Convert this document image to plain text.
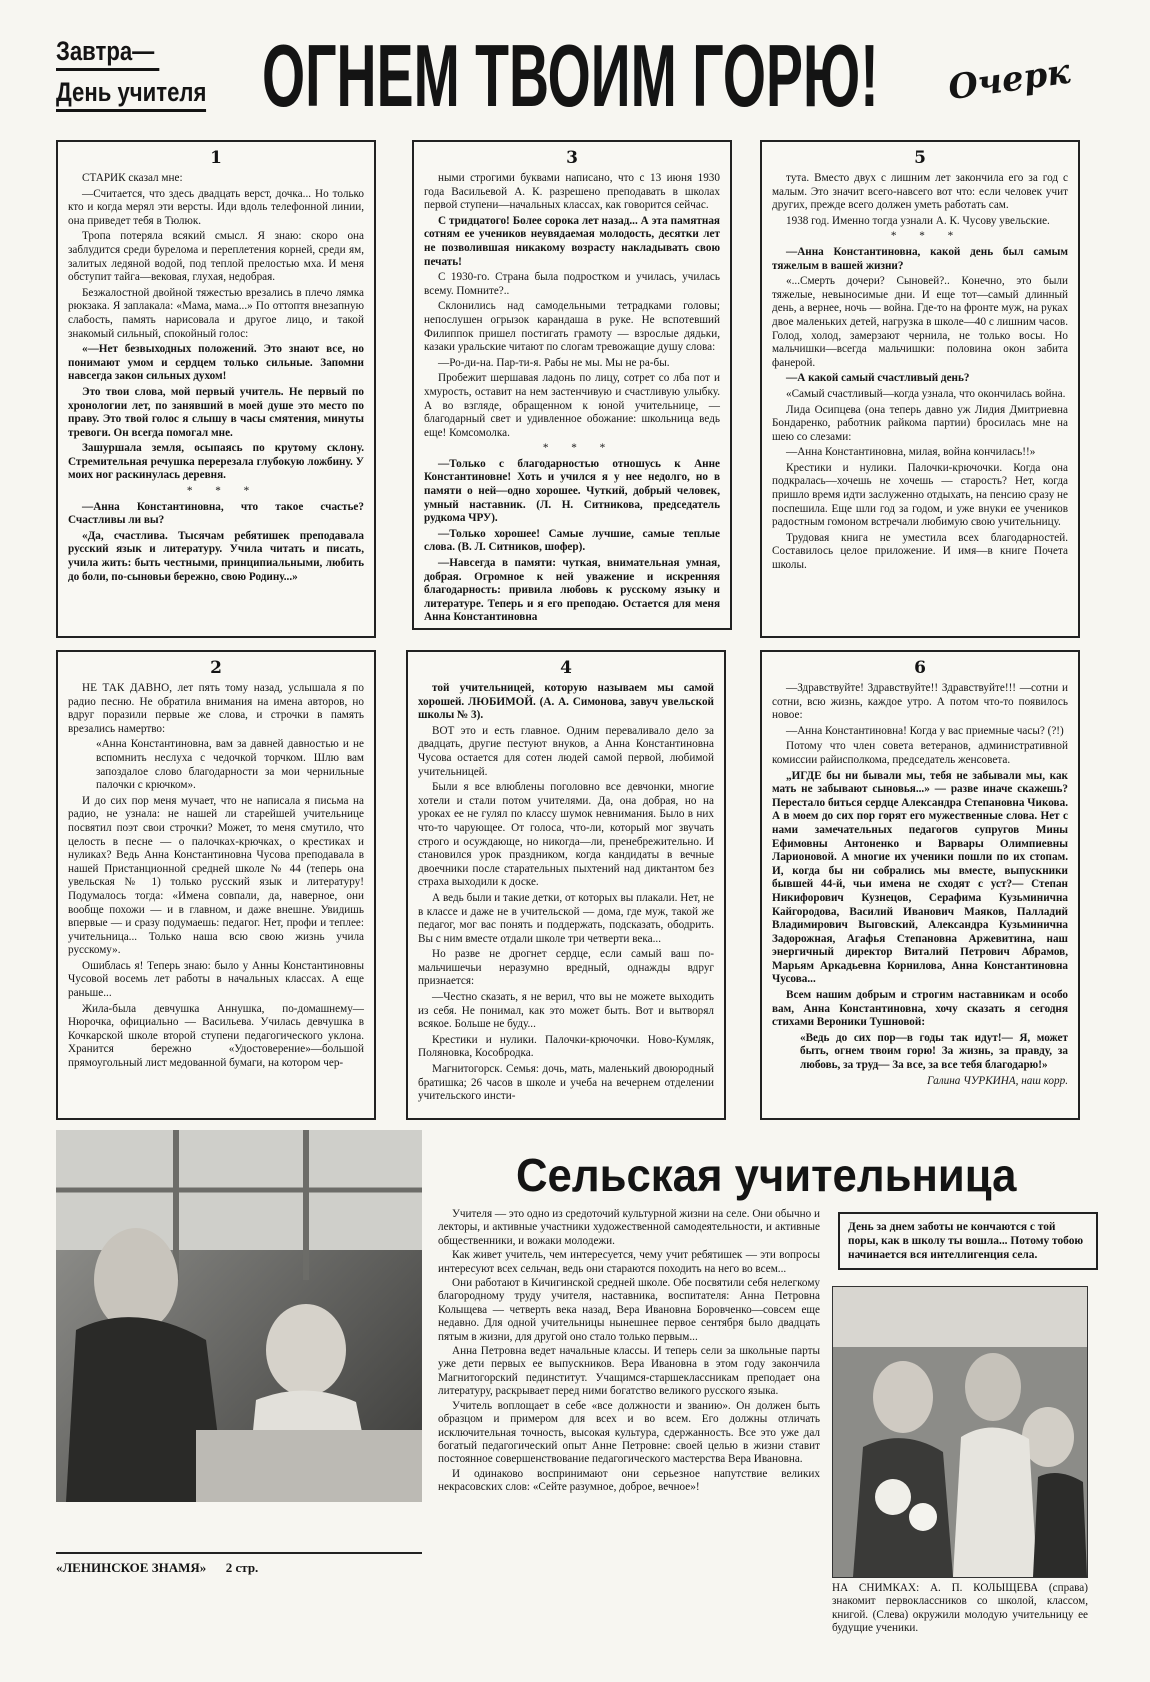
Завтра—
День учителя ОГНЕМ ТВОИМ ГОРЮ! Очерк
1

СТАРИК сказал мне:

—Считается, что здесь двадцать верст, дочка... Но только кто и когда мерял эти версты. Иди вдоль телефонной линии, она приведет тебя в Тюлюк.

Тропа потеряла всякий смысл. Я знаю: скоро она заблудится среди бурелома и переплетения корней, среди ям, залитых ледяной водой, под теплой прелостью мха. И меня обступит тайга—вековая, глухая, недобрая.

Безжалостной двойной тяжестью врезались в плечо лямка рюкзака. Я заплакала: «Мама, мама...» По оттоптя внезапную слабость, память нарисовала и другое лицо, и такой знакомый сильный, спокойный голос:

«—Нет безвыходных положений. Это знают все, но понимают умом и сердцем только сильные. Запомни навсегда закон сильных духом!

Это твои слова, мой первый учитель. Не первый по хронологии лет, по занявший в моей душе это место по праву. Это твой голос я слышу в часы смятения, минуты тревоги. Он всегда помогал мне.

Зашуршала земля, осыпаясь по крутому склону. Стремительная речушка перерезала глубокую ложбину. У моих ног раскинулась деревня.

* * *

—Анна Константиновна, что такое счастье? Счастливы ли вы?

«Да, счастлива. Тысячам ребятишек преподавала русский язык и литературу. Учила читать и писать, учила жить: быть честными, принципиальными, любить до боли, по-сыновьи бережно, свою Родину...»

3

ными строгими буквами написано, что с 13 июня 1930 года Васильевой А. К. разрешено преподавать в школах первой ступени—начальных классах, как говорится сейчас.

С тридцатого! Более сорока лет назад... А эта памятная сотням ее учеников неувядаемая молодость, десятки лет не позволившая никакому возрасту накладывать свою печать!

С 1930-го. Страна была подростком и училась, училась всему. Помните?..

Склонились над самодельными тетрадками головы; непослушен огрызок карандаша в руке. Не вспотевший Филиппок пришел постигать грамоту — взрослые дядьки, казаки уральские читают по слогам тревожащие душу слова:

—Ро-ди-на. Пар-ти-я. Рабы не мы. Мы не ра-бы.

Пробежит шершавая ладонь по лицу, сотрет со лба пот и хмурость, оставит на нем застенчивую и счастливую улыбку. А во взгляде, обращенном к юной учительнице, — благодарный свет и удивленное обожание: школьница ведь еще! Комсомолка.

* * *

—Только с благодарностью отношусь к Анне Константиновне! Хоть и учился я у нее недолго, но в памяти о ней—одно хорошее. Чуткий, добрый человек, умный наставник. (Л. Н. Ситникова, председатель рудкома ЧРУ).

—Только хорошее! Самые лучшие, самые теплые слова. (В. Л. Ситников, шофер).

—Навсегда в памяти: чуткая, внимательная умная, добрая. Огромное к ней уважение и искренняя благодарность: привила любовь к русскому языку и литературе. Теперь и я его преподаю. Остается для меня Анна Константиновна

5

тута. Вместо двух с лишним лет закончила его за год с малым. Это значит всего-навсего вот что: если человек учит других, прежде всего должен уметь работать сам.

1938 год. Именно тогда узнали А. К. Чусову увельские.

* * *

—Анна Константиновна, какой день был самым тяжелым в вашей жизни?

«...Смерть дочери? Сыновей?.. Конечно, это были тяжелые, невыносимые дни. И еще тот—самый длинный день, а вернее, ночь — война. Где-то на фронте муж, на руках двое маленьких детей, нагрузка в школе—40 с лишним часов. Голод, холод, замерзают чернила, не только восы. Но мальчишки—всегда мальчишки: половина окон забита фанерой.

—А какой самый счастливый день?

«Самый счастливый—когда узнала, что окончилась война.

Лида Осипцева (она теперь давно уж Лидия Дмитриевна Бондаренко, работник райкома партии) бросилась мне на шею со слезами:

—Анна Константиновна, милая, война кончилась!!»

Крестики и нулики. Палочки-крючочки. Когда она подкралась—хочешь не хочешь — старость? Нет, когда пришло время идти заслуженно отдыхать, на пенсию сразу не поспешила. Еще шли год за годом, и уже внуки ее учеников радостным гомоном встречали любимую свою учительницу.

Трудовая книга не уместила всех благодарностей. Составилось целое приложение. И имя—в книге Почета школы.

2

НЕ ТАК ДАВНО, лет пять тому назад, услышала я по радио песню. Не обратила внимания на имена авторов, но вдруг поразили первые же слова, и строчки в память врезались намертво:

«Анна Константиновна, вам за давней давностью и не вспомнить неслуха с чедочкой торчком. Шлю вам запоздалое слово благодарности за мои чернильные палочки с крючком».

И до сих пор меня мучает, что не написала я письма на радио, не узнала: не нашей ли старейшей учительнице посвятил поэт свои строчки? Может, то меня смутило, что целость в песне — о палочках-крючках, о крестиках и нуликах? Ведь Анна Константиновна Чусова преподавала в нашей Пристанционной средней школе № 44 (теперь она увельская № 1) только русский язык и литературу! Подумалось тогда: «Имена совпали, да, наверное, они вообще похожи — и в главном, и даже внешне. Увидишь впервые — и сразу подумаешь: педагог. Нет, профи и теплее: учительница... Только наша всю свою жизнь учила русскому».

Ошиблась я! Теперь знаю: было у Анны Константиновны Чусовой восемь лет работы в начальных классах. А еще раньше...

Жила-была девчушка Аннушка, по-домашнему—Нюрочка, официально — Васильева. Училась девчушка в Кочкарской школе второй ступени педагогического уклона. Хранится бережно «Удостоверение»—большой прямоугольный лист медованной бумаги, на котором чер-

4

той учительницей, которую называем мы самой хорошей. ЛЮБИМОЙ. (А. А. Симонова, завуч увельской школы № 3).

ВОТ это и есть главное. Одним переваливало дело за двадцать, другие пестуют внуков, а Анна Константиновна Чусова остается для сотен людей самой первой, любимой учительницей.

Были я все влюблены поголовно все девчонки, многие хотели и стали потом учителями. Да, она добрая, но на уроках ее не гулял по классу шумок невнимания. Было в них что-то чарующее. От голоса, что-ли, который мог звучать строго и осуждающе, но никогда—ли, пренебрежительно. И становился урок праздником, когда кандидаты в вечные двоечники после старательных пыхтений над диктантом без страха выходили к доске.

А ведь были и такие детки, от которых вы плакали. Нет, не в классе и даже не в учительской — дома, где муж, такой же педагог, мог вас понять и поддержать, подсказать, ободрить. Вы с ним вместе отдали школе три четверти века...

Но разве не дрогнет сердце, если самый ваш по-мальчишечьи неразумно вредный, однажды вдруг признается:

—Честно сказать, я не верил, что вы не можете выходить из себя. Не понимал, как это может быть. Вот и вытворял всякое. Больше не буду...

Крестики и нулики. Палочки-крючочки. Ново-Кумляк, Поляновка, Кособродка.

Магнитогорск. Семья: дочь, мать, маленький двоюродный братишка; 26 часов в школе и учеба на вечернем отделении учительского инсти-

6

—Здравствуйте! Здравствуйте!! Здравствуйте!!! —сотни и сотни, всю жизнь, каждое утро. А потом что-то появилось новое:

—Анна Константиновна! Когда у вас приемные часы? (?!)

Потому что член совета ветеранов, административной комиссии райисполкома, председатель женсовета.

„ИГДЕ бы ни бывали мы, тебя не забывали мы, как мать не забывают сыновья...» — разве иначе скажешь? Перестало биться сердце Александра Степановна Чикова. А в моем до сих пор горят его мужественные слова. Нет с нами замечательных педагогов супругов Мины Ефимовны Антоненко и Варвары Олимпиевны Ларионовой. А многие их ученики пошли по их стопам. И, когда бы ни собрались мы вместе, выпускники бывшей 44-й, чьи имена не сходят с уст?— Степан Никифорович Кузнецов, Серафима Кузьминична Кайгородова, Василий Иванович Маяков, Палладий Владимирович Выговский, Александра Кузьминична Задорожная, Агафья Степановна Аржевитина, наш энергичный директор Виталий Петрович Абрамов, Марьям Аркадьевна Корнилова, Анна Константиновна Чусова...

Всем нашим добрым и строгим наставникам и особо вам, Анна Константиновна, хочу сказать я сегодня стихами Вероники Тушновой:

«Ведь до сих пор—в годы так идут!— Я, может быть, огнем твоим горю! За жизнь, за правду, за любовь, за труд— За все, за все тебя благодарю!»

Галина ЧУРКИНА, наш корр.

«ЛЕНИНСКОЕ ЗНАМЯ» 2 стр.
Сельская учительница

Учителя — это одно из средоточий культурной жизни на селе. Они обычно и лекторы, и активные участники художественной самодеятельности, и активные общественники, и вожаки молодежи.

Как живет учитель, чем интересуется, чему учит ребятишек — эти вопросы интересуют всех сельчан, ведь они стараются походить на него во всем...

Они работают в Кичигинской средней школе. Обе посвятили себя нелегкому благородному труду учителя, наставника, воспитателя: Анна Петровна Колыщева — четверть века назад, Вера Ивановна Боровченко—совсем еще недавно. Для одной учительницы нынешнее первое сентября было двадцать пятым в жизни, для другой оно стало только первым...

Анна Петровна ведет начальные классы. И теперь сели за школьные парты уже дети первых ее выпускников. Вера Ивановна в этом году закончила Магнитогорский пединститут. Учащимся-старшеклассникам преподает она литературу, раскрывает перед ними богатство великого русского языка.

Учитель воплощает в себе «все должности и званию». Он должен быть образцом и примером для всех и во всем. Его должны отличать исключительная точность, высокая культура, сдержанность. Все это уже дал богатый педагогический опыт Анне Петровне: своей целью в жизни ставит постоянное совершенствование педагогического мастерства Вера Ивановна.

И одинаково воспринимают они серьезное напутствие великих некрасовских слов: «Сейте разумное, доброе, вечное»!

День за днем заботы не кончаются с той поры, как в школу ты вошла... Потому тобою начинается вся интеллигенция села.
НА СНИМКАХ: А. П. КОЛЫЩЕВА (справа) знакомит первоклассников со школой, классом, книгой. (Слева) окружили молодую учительницу ее будущие ученики.
